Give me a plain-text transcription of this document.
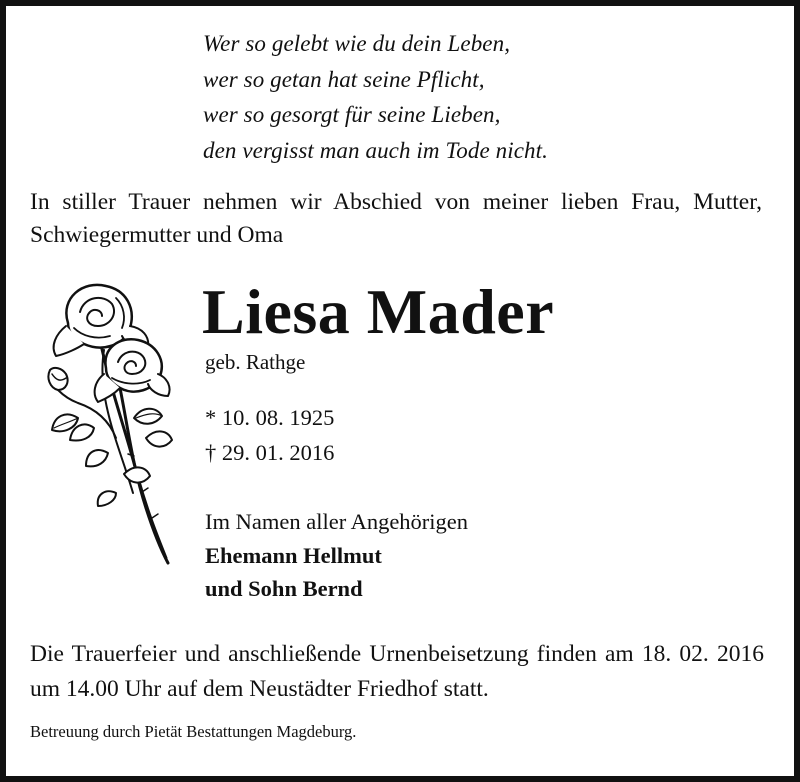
Wer so gelebt wie du dein Leben,
wer so getan hat seine Pflicht,
wer so gesorgt für seine Lieben,
den vergisst man auch im Tode nicht.
In stiller Trauer nehmen wir Abschied von meiner lieben Frau, Mutter, Schwiegermutter und Oma
Liesa Mader
geb. Rathge
* 10. 08. 1925
† 29. 01. 2016
Im Namen aller Angehörigen
Ehemann Hellmut
und Sohn Bernd
Die Trauerfeier und anschließende Urnenbeisetzung finden am 18. 02. 2016 um 14.00 Uhr auf dem Neustädter Friedhof statt.
Betreuung durch Pietät Bestattungen Magdeburg.
